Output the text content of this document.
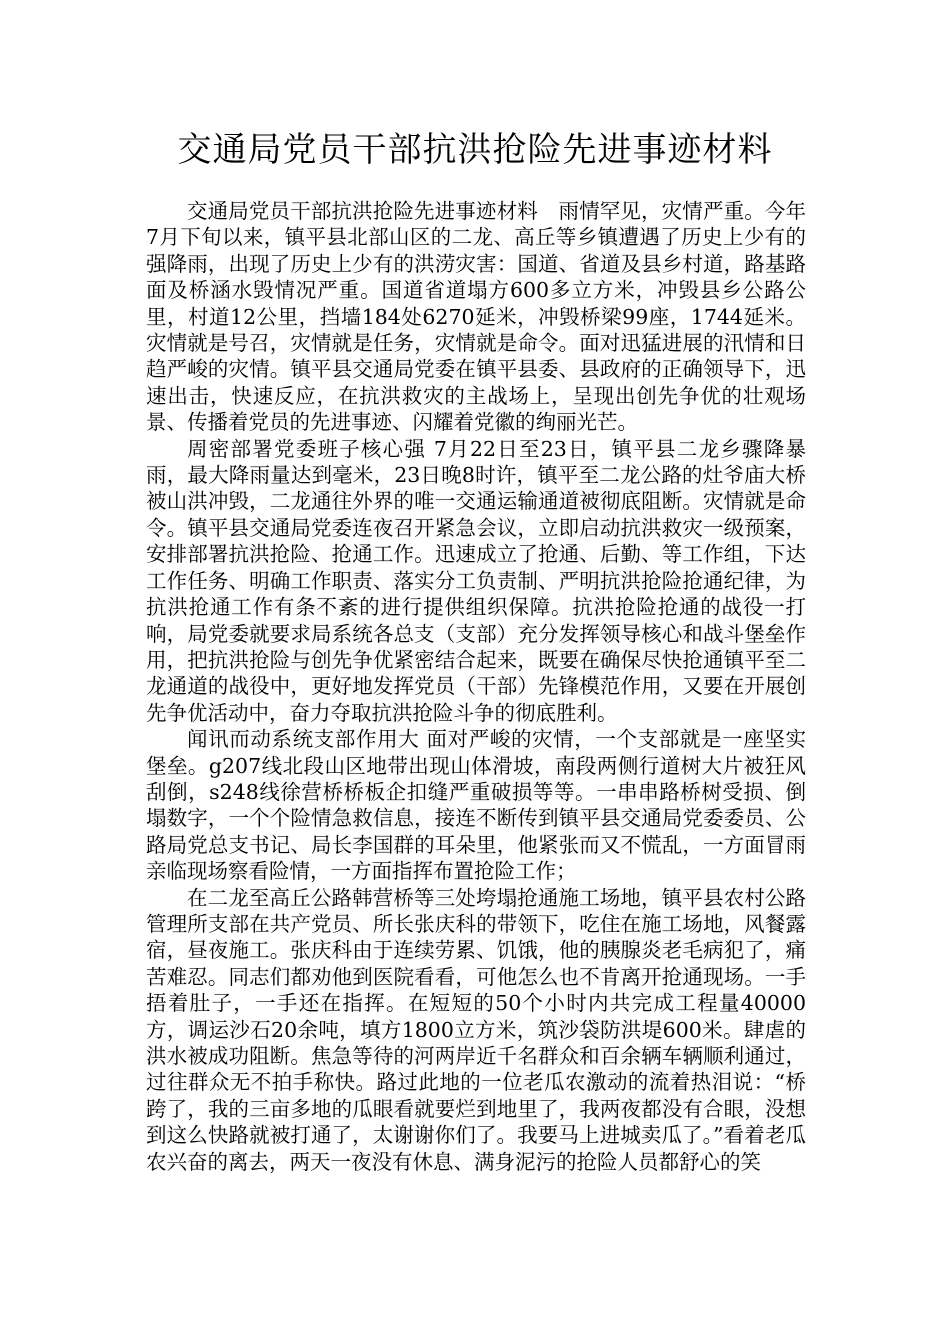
交通局党员干部抗洪抢险先进事迹材料

交通局党员干部抗洪抢险先进事迹材料　雨情罕见，灾情严重。今年7月下旬以来，镇平县北部山区的二龙、高丘等乡镇遭遇了历史上少有的强降雨，出现了历史上少有的洪涝灾害：国道、省道及县乡村道，路基路面及桥涵水毁情况严重。国道省道塌方600多立方米，冲毁县乡公路公里，村道12公里，挡墙184处6270延米，冲毁桥梁99座，1744延米。灾情就是号召，灾情就是任务，灾情就是命令。面对迅猛进展的汛情和日趋严峻的灾情。镇平县交通局党委在镇平县委、县政府的正确领导下，迅速出击，快速反应，在抗洪救灾的主战场上，呈现出创先争优的壮观场景、传播着党员的先进事迹、闪耀着党徽的绚丽光芒。

周密部署党委班子核心强 7月22日至23日，镇平县二龙乡骤降暴雨，最大降雨量达到毫米，23日晚8时许，镇平至二龙公路的灶爷庙大桥被山洪冲毁，二龙通往外界的唯一交通运输通道被彻底阻断。灾情就是命令。镇平县交通局党委连夜召开紧急会议，立即启动抗洪救灾一级预案，安排部署抗洪抢险、抢通工作。迅速成立了抢通、后勤、等工作组，下达工作任务、明确工作职责、落实分工负责制、严明抗洪抢险抢通纪律，为抗洪抢通工作有条不紊的进行提供组织保障。抗洪抢险抢通的战役一打响，局党委就要求局系统各总支（支部）充分发挥领导核心和战斗堡垒作用，把抗洪抢险与创先争优紧密结合起来，既要在确保尽快抢通镇平至二龙通道的战役中，更好地发挥党员（干部）先锋模范作用，又要在开展创先争优活动中，奋力夺取抗洪抢险斗争的彻底胜利。

闻讯而动系统支部作用大 面对严峻的灾情，一个支部就是一座坚实堡垒。g207线北段山区地带出现山体滑坡，南段两侧行道树大片被狂风刮倒，s248线徐营桥桥板企扣缝严重破损等等。一串串路桥树受损、倒塌数字，一个个险情急救信息，接连不断传到镇平县交通局党委委员、公路局党总支书记、局长李国群的耳朵里，他紧张而又不慌乱，一方面冒雨亲临现场察看险情，一方面指挥布置抢险工作；

在二龙至高丘公路韩营桥等三处垮塌抢通施工场地，镇平县农村公路管理所支部在共产党员、所长张庆科的带领下，吃住在施工场地，风餐露宿，昼夜施工。张庆科由于连续劳累、饥饿，他的胰腺炎老毛病犯了，痛苦难忍。同志们都劝他到医院看看，可他怎么也不肯离开抢通现场。一手捂着肚子，一手还在指挥。在短短的50个小时内共完成工程量40000方，调运沙石20余吨，填方1800立方米，筑沙袋防洪堤600米。肆虐的洪水被成功阻断。焦急等待的河两岸近千名群众和百余辆车辆顺利通过，过往群众无不拍手称快。路过此地的一位老瓜农激动的流着热泪说：“桥跨了，我的三亩多地的瓜眼看就要烂到地里了，我两夜都没有合眼，没想到这么快路就被打通了，太谢谢你们了。我要马上进城卖瓜了。”看着老瓜农兴奋的离去，两天一夜没有休息、满身泥污的抢险人员都舒心的笑
